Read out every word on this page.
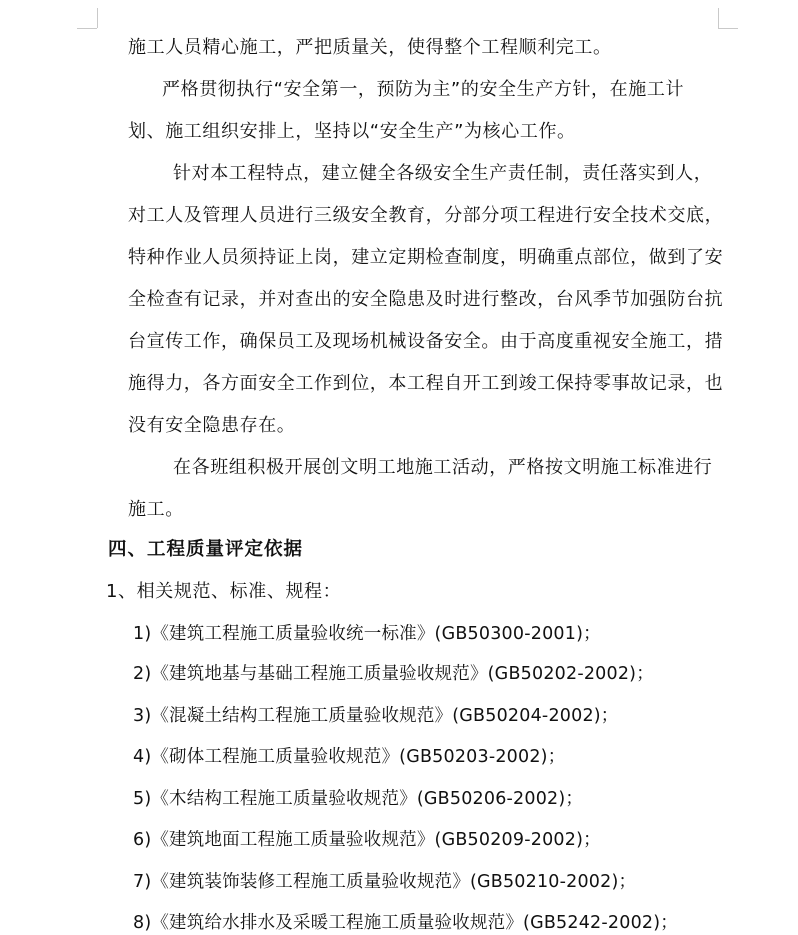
施工人员精心施工，严把质量关，使得整个工程顺利完工。
严格贯彻执行“安全第一，预防为主”的安全生产方针，在施工计
划、施工组织安排上，坚持以“安全生产”为核心工作。
针对本工程特点，建立健全各级安全生产责任制，责任落实到人，
对工人及管理人员进行三级安全教育，分部分项工程进行安全技术交底，
特种作业人员须持证上岗，建立定期检查制度，明确重点部位，做到了安
全检查有记录，并对查出的安全隐患及时进行整改，台风季节加强防台抗
台宣传工作，确保员工及现场机械设备安全。由于高度重视安全施工，措
施得力，各方面安全工作到位，本工程自开工到竣工保持零事故记录，也
没有安全隐患存在。
在各班组积极开展创文明工地施工活动，严格按文明施工标准进行
施工。
四、工程质量评定依据
1、相关规范、标准、规程：
1)《建筑工程施工质量验收统一标准》(GB50300-2001)；
2)《建筑地基与基础工程施工质量验收规范》(GB50202-2002)；
3)《混凝土结构工程施工质量验收规范》(GB50204-2002)；
4)《砌体工程施工质量验收规范》(GB50203-2002)；
5)《木结构工程施工质量验收规范》(GB50206-2002)；
6)《建筑地面工程施工质量验收规范》(GB50209-2002)；
7)《建筑装饰装修工程施工质量验收规范》(GB50210-2002)；
8)《建筑给水排水及采暖工程施工质量验收规范》(GB5242-2002)；
